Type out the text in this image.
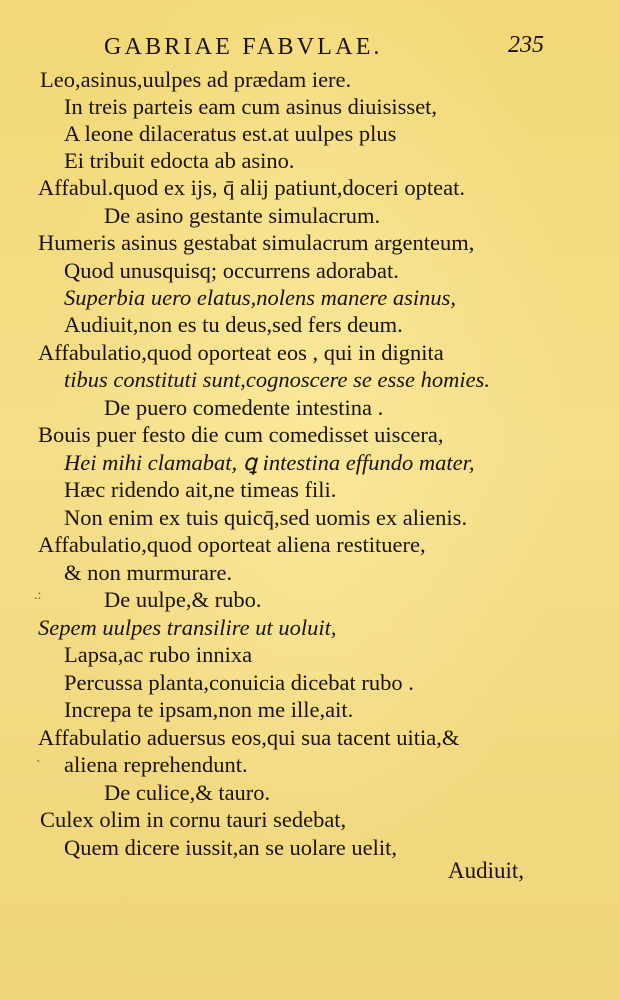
GABRIAE FABVLAE.	235
Leo,asinus,uulpes ad prædam iere.
In treis parteis eam cum asinus diuisisset,
A leone dilaceratus est.at uulpes plus
Ei tribuit edocta ab asino.
Affabul.quod ex ijs, q̄ alij patiunt,doceri opteat.
De asino gestante simulacrum.
Humeris asinus gestabat simulacrum argenteum,
Quod unusquisq; occurrens adorabat.
Superbia uero elatus,nolens manere asinus,
Audiuit,non es tu deus,sed fers deum.
Affabulatio,quod oporteat eos , qui in dignita
tibus constituti sunt,cognoscere se esse homies.
De puero comedente intestina .
Bouis puer festo die cum comedisset uiscera,
Hei mihi clamabat, ꝗ intestina effundo mater,
Hæc ridendo ait,ne timeas fili.
Non enim ex tuis quicq̄,sed uomis ex alienis.
Affabulatio,quod oporteat aliena restituere,
& non murmurare.
De uulpe,& rubo.
Sepem uulpes transilire ut uoluit,
Lapsa,ac rubo innixa
Percussa planta,conuicia dicebat rubo .
Increpa te ipsam,non me ille,ait.
Affabulatio aduersus eos,qui sua tacent uitia,&
aliena reprehendunt.
De culice,& tauro.
Culex olim in cornu tauri sedebat,
Quem dicere iussit,an se uolare uelit,
.:
ˎ
Audiuit,
